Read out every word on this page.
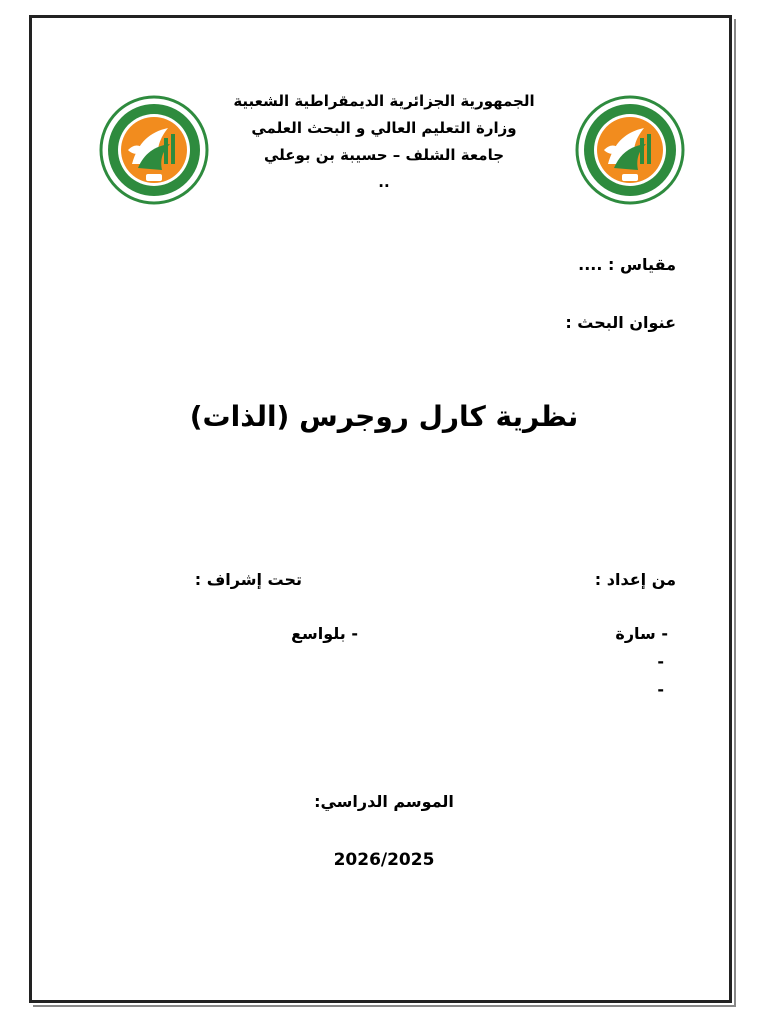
الجمهورية الجزائرية الديمقراطية الشعبية
وزارة التعليم العالي و البحث العلمي
جامعة الشلف – حسيبة بن بوعلي
..
مقياس : ....
عنوان البحث :
نظرية كارل روجرس (الذات)
من إعداد :
تحت إشراف :
- سارة
-
-
- بلواسع
الموسم الدراسي:
2026/2025
